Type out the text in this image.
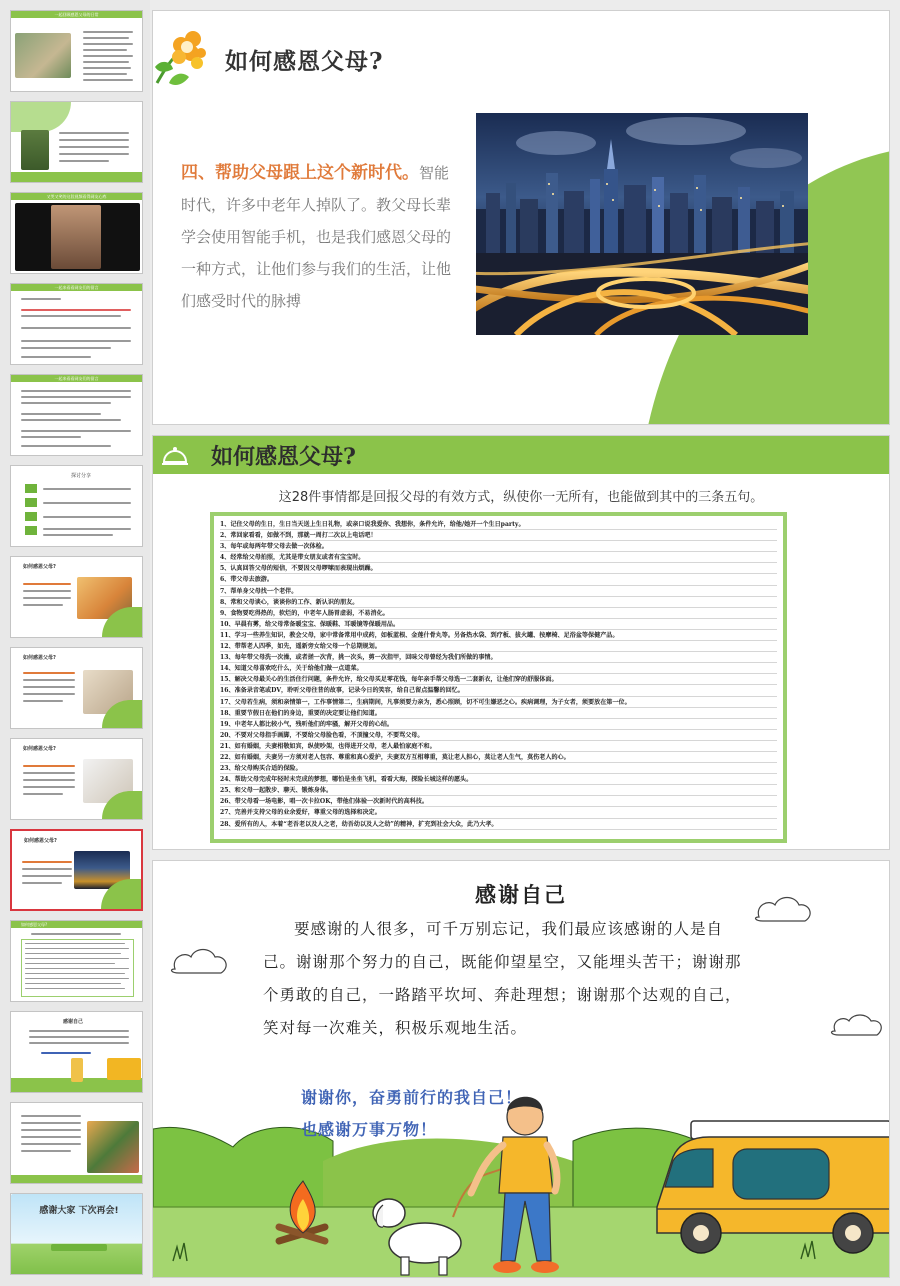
一起回顾感恩父母的日常
又哭又笑的这段视频看得网友心疼
一起来看看网友们的留言
一起来看看网友们的留言
探讨分享
如何感恩父母?
如何感恩父母?
如何感恩父母?
如何感恩父母?
如何感恩父母?
感谢自己
感谢大家 下次再会!
如何感恩父母?
四、帮助父母跟上这个新时代。智能时代，许多中老年人掉队了。教父母长辈学会使用智能手机，也是我们感恩父母的一种方式，让他们参与我们的生活，让他们感受时代的脉搏
如何感恩父母?
这28件事情都是回报父母的有效方式，纵使你一无所有，也能做到其中的三条五句。
1、记住父母的生日，生日当天送上生日礼物，或亲口说我爱你、我想你，条件允许，给他/她开一个生日party。
2、常回家看看，如做不到，那就一周打二次以上电话吧！
3、每年或每两年带父母去做一次体检。
4、经常给父母拍照，尤其是带女朋友或者有宝宝时。
5、认真回答父母的短信，不要因父母啰嗦而表现出烦躁。
6、带父母去旅游。
7、帮单身父母找一个老伴。
8、常和父母谈心，谈谈你的工作、新认识的朋友。
9、食物要吃得热的，软烂的，中老年人肠胃虚弱，不易消化。
10、早晨有雾，给父母常备暖宝宝、保暖鞋、耳暖镜等保暖用品。
11、学习一些养生知识，教会父母，家中常备常用中成药，如板蓝根、金莲什骨丸等。另备热水袋、到疗板、拔火罐、按摩椅、足浴盆等保健产品。
12、带帮老人四季，如先，遥新旁女给父母一个总期规划。
13、每年带父母洗一次澡，或者搓一次背，挑一次头，剪一次指甲，回味父母曾经为我们所做的事情。
14、知道父母喜欢吃什么，关于给他们做一点道菜。
15、解决父母最关心的生活住行问题，条件允许，给父母买足零花钱，每年亲手帮父母选一二套新衣，让他们穿的舒服体面。
16、准备录音笔或DV，聆听父母往昔的故事，记录今日的笑容，给自己留点温馨的回忆。
17、父母若生病，须和亲情第一，工作事情第二，生病期间，凡事须要力亲为，悉心照顾，切不可生嫌恶之心。疾病调理，为子女者，须要放在第一位。
18、重要节假日在他们的身边，重要的决定要让他们知道。
19、中老年人都比较小气，残听他们的牢骚，解开父母的心结。
20、不要对父母指手画脚，不要给父母脸色看，不顶撞父母，不要骂父母。
21、如有婚姻，夫妻相敬如宾，纵使吵架，也得进开父母，老人最怕家庭不和。
22、如有婚姻，夫妻另一方须对老人包容、尊重和真心爱护，夫妻双方互相尊重，莫让老人担心，莫让老人生气，莫伤老人的心。
23、给父母购买合适的保险。
24、帮助父母完成年轻时未完成的梦想，哪怕是坐坐飞机，看看大海，探险长城这样的愿头。
25、和父母一起散步、聊天、锻炼身体。
26、带父母看一场电影，唱一次卡拉OK，带他们体验一次新时代的高科技。
27、完善并支持父母的业余爱好，尊重父母的选择和决定。
28、爱所有的人，本着“老吾老以及人之老，幼吾幼以及人之幼”的精神，扩充到社会大众，此乃大孝。
感谢自己
要感谢的人很多，可千万别忘记，我们最应该感谢的人是自己。谢谢那个努力的自己，既能仰望星空，又能埋头苦干；谢谢那个勇敢的自己，一路踏平坎坷、奔赴理想；谢谢那个达观的自己，笑对每一次难关，积极乐观地生活。
谢谢你，奋勇前行的我自己！
也感谢万事万物！
